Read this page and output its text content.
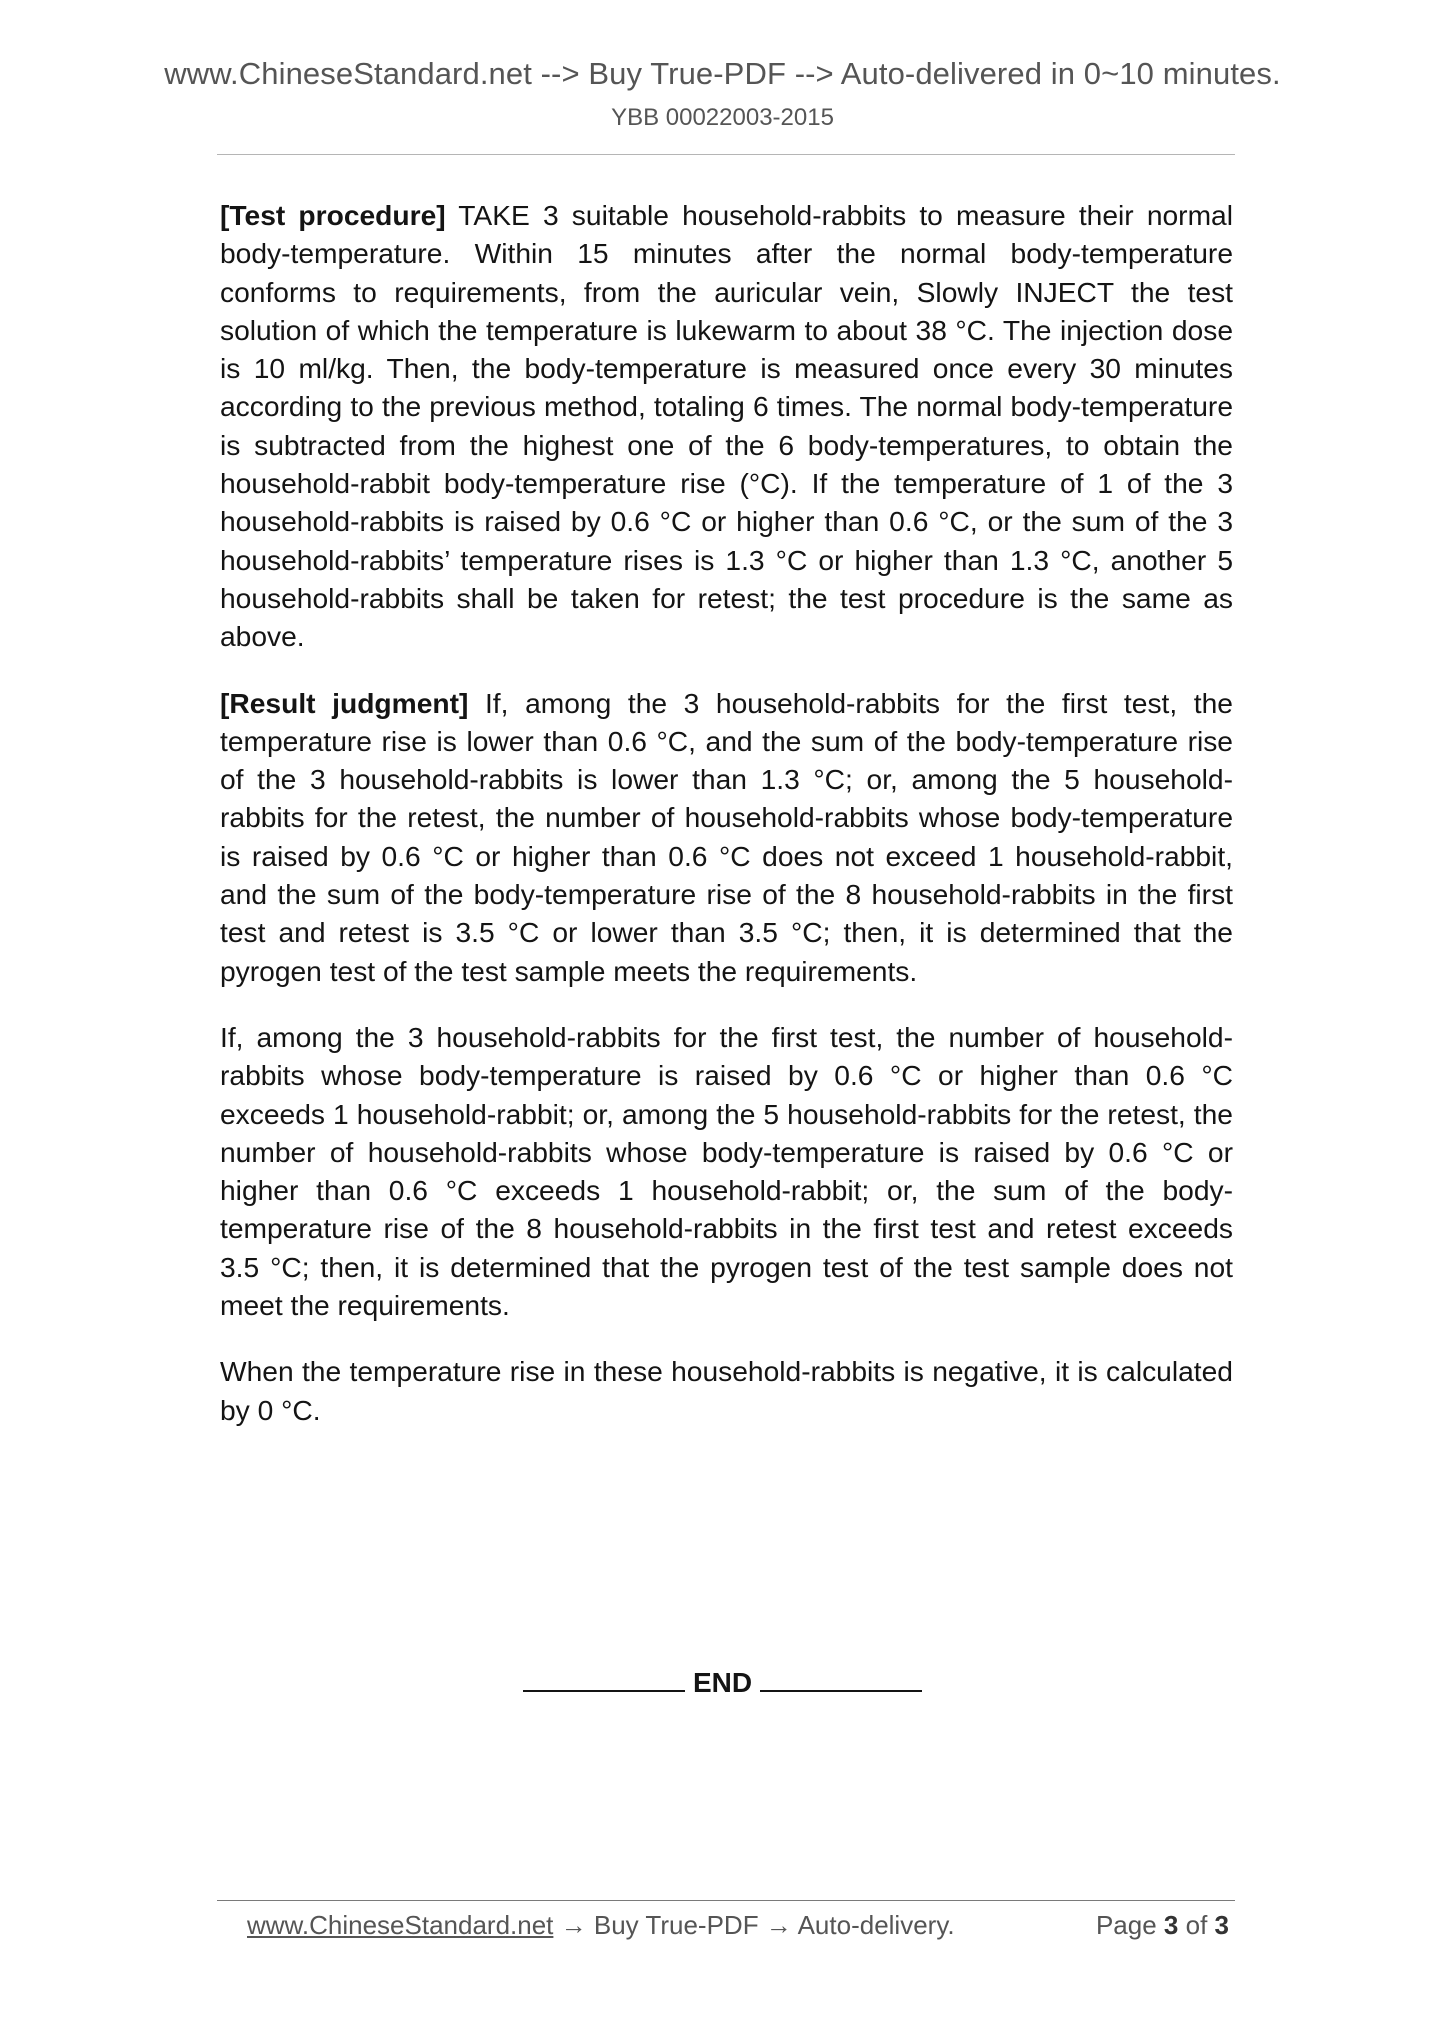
www.ChineseStandard.net --> Buy True-PDF --> Auto-delivered in 0~10 minutes.
YBB 00022003-2015

[Test procedure] TAKE 3 suitable household-rabbits to measure their normal body-temperature. Within 15 minutes after the normal body-temperature conforms to requirements, from the auricular vein, Slowly INJECT the test solution of which the temperature is lukewarm to about 38 °C. The injection dose is 10 ml/kg. Then, the body-temperature is measured once every 30 minutes according to the previous method, totaling 6 times. The normal body-temperature is subtracted from the highest one of the 6 body-temperatures, to obtain the household-rabbit body-temperature rise (°C). If the temperature of 1 of the 3 household-rabbits is raised by 0.6 °C or higher than 0.6 °C, or the sum of the 3 household-rabbits’ temperature rises is 1.3 °C or higher than 1.3 °C, another 5 household-rabbits shall be taken for retest; the test procedure is the same as above.

[Result judgment] If, among the 3 household-rabbits for the first test, the temperature rise is lower than 0.6 °C, and the sum of the body-temperature rise of the 3 household-rabbits is lower than 1.3 °C; or, among the 5 household-rabbits for the retest, the number of household-rabbits whose body-temperature is raised by 0.6 °C or higher than 0.6 °C does not exceed 1 household-rabbit, and the sum of the body-temperature rise of the 8 household-rabbits in the first test and retest is 3.5 °C or lower than 3.5 °C; then, it is determined that the pyrogen test of the test sample meets the requirements.

If, among the 3 household-rabbits for the first test, the number of household-rabbits whose body-temperature is raised by 0.6 °C or higher than 0.6 °C exceeds 1 household-rabbit; or, among the 5 household-rabbits for the retest, the number of household-rabbits whose body-temperature is raised by 0.6 °C or higher than 0.6 °C exceeds 1 household-rabbit; or, the sum of the body-temperature rise of the 8 household-rabbits in the first test and retest exceeds 3.5 °C; then, it is determined that the pyrogen test of the test sample does not meet the requirements.

When the temperature rise in these household-rabbits is negative, it is calculated by 0 °C.

END
www.ChineseStandard.net → Buy True-PDF → Auto-delivery.	Page 3 of 3
